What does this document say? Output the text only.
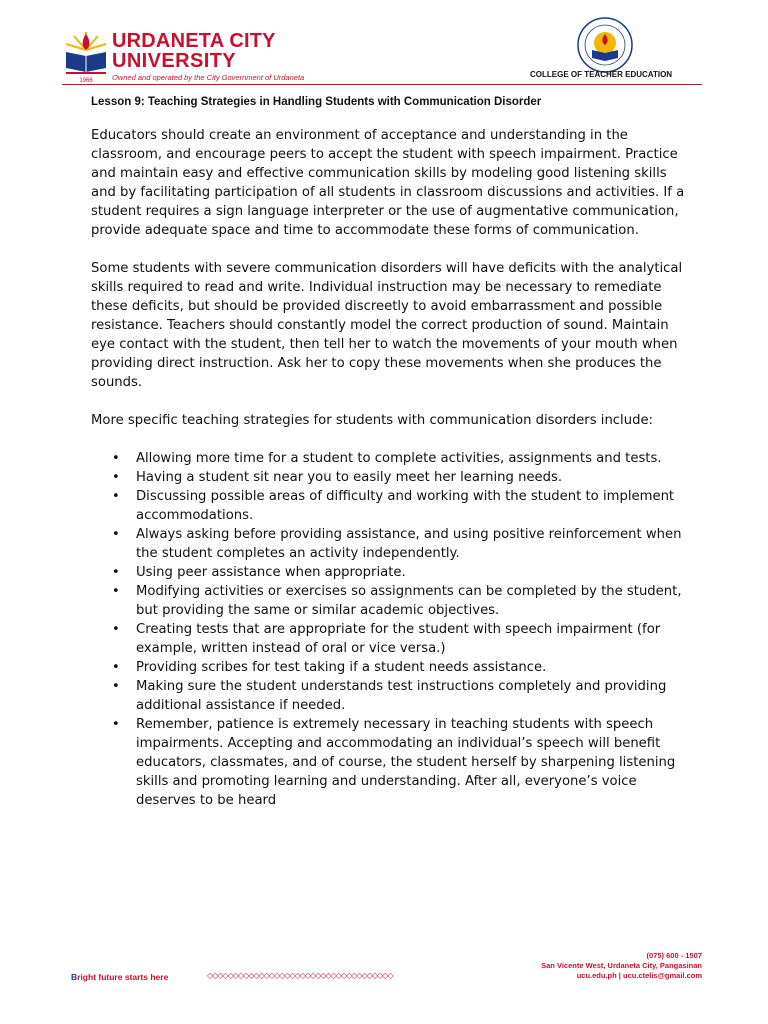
1966
URDANETA CITY
UNIVERSITY
Owned and operated by the City Government of Urdaneta	COLLEGE OF TEACHER EDUCATION
Lesson 9: Teaching Strategies in Handling Students with Communication Disorder

Educators should create an environment of acceptance and understanding in the classroom, and encourage peers to accept the student with speech impairment. Practice and maintain easy and effective communication skills by modeling good listening skills and by facilitating participation of all students in classroom discussions and activities. If a student requires a sign language interpreter or the use of augmentative communication, provide adequate space and time to accommodate these forms of communication.

Some students with severe communication disorders will have deficits with the analytical skills required to read and write. Individual instruction may be necessary to remediate these deficits, but should be provided discreetly to avoid embarrassment and possible resistance. Teachers should constantly model the correct production of sound. Maintain eye contact with the student, then tell her to watch the movements of your mouth when providing direct instruction. Ask her to copy these movements when she produces the sounds.

More specific teaching strategies for students with communication disorders include:

• Allowing more time for a student to complete activities, assignments and tests.
• Having a student sit near you to easily meet her learning needs.
• Discussing possible areas of difficulty and working with the student to implement accommodations.
• Always asking before providing assistance, and using positive reinforcement when the student completes an activity independently.
• Using peer assistance when appropriate.
• Modifying activities or exercises so assignments can be completed by the student, but providing the same or similar academic objectives.
• Creating tests that are appropriate for the student with speech impairment (for example, written instead of oral or vice versa.)
• Providing scribes for test taking if a student needs assistance.
• Making sure the student understands test instructions completely and providing additional assistance if needed.
• Remember, patience is extremely necessary in teaching students with speech impairments. Accepting and accommodating an individual’s speech will benefit educators, classmates, and of course, the student herself by sharpening listening skills and promoting learning and understanding. After all, everyone’s voice deserves to be heard
(075) 600 - 1507
San Vicente West, Urdaneta City, Pangasinan
ucu.edu.ph | ucu.ctelis@gmail.com
Bright future starts here	◇◇◇◇◇◇◇◇◇◇◇◇◇◇◇◇◇◇◇◇◇◇◇◇◇◇◇◇◇◇◇◇◇◇◇◇
